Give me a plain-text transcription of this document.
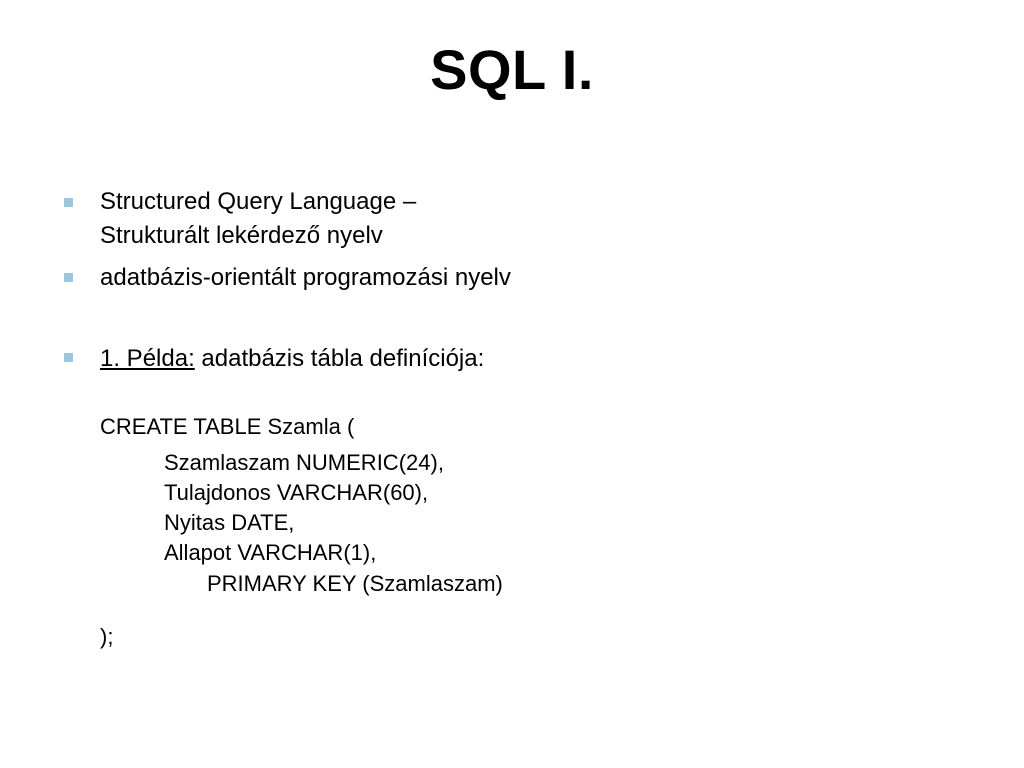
SQL I.
Structured Query Language –
Strukturált lekérdező nyelv
adatbázis-orientált programozási nyelv
1. Példa: adatbázis tábla definíciója:
CREATE TABLE Szamla (
Szamlaszam NUMERIC(24),
Tulajdonos VARCHAR(60),
Nyitas DATE,
Allapot VARCHAR(1),
PRIMARY KEY (Szamlaszam)
);
